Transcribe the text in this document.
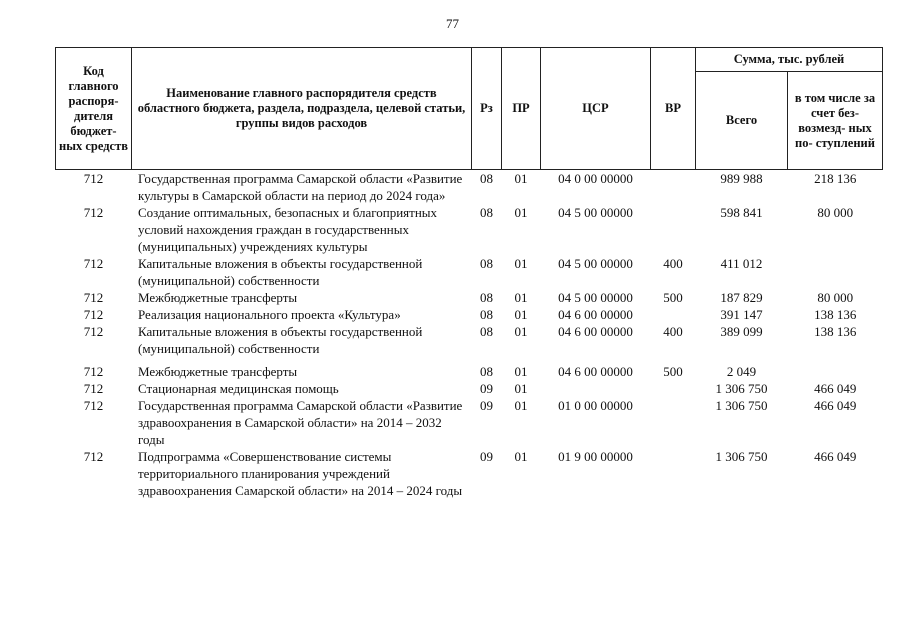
77
Код главного распоря- дителя бюджет- ных средств	Наименование главного распорядителя средств областного бюджета, раздела, подраздела, целевой статьи, группы видов расходов	Рз	ПР	ЦСР	ВР	Сумма, тыс. рублей	
						Всего	в том числе за счет без- возмезд- ных по- ступлений
712	Государственная программа Самарской области «Развитие культуры в Самарской области на период до 2024 года»	08	01	04 0 00 00000		989 988	218 136
712	Создание оптимальных, безопасных и благоприятных условий нахождения граждан в государственных (муниципальных) учреждениях культуры	08	01	04 5 00 00000		598 841	80 000
712	Капитальные вложения в объекты государственной (муниципальной) собственности	08	01	04 5 00 00000	400	411 012	
712	Межбюджетные трансферты	08	01	04 5 00 00000	500	187 829	80 000
712	Реализация национального проекта «Культура»	08	01	04 6 00 00000		391 147	138 136
712	Капитальные вложения в объекты государственной (муниципальной) собственности	08	01	04 6 00 00000	400	389 099	138 136
712	Межбюджетные трансферты	08	01	04 6 00 00000	500	2 049	
712	Стационарная медицинская помощь	09	01			1 306 750	466 049
712	Государственная программа Самарской области «Развитие здравоохранения в Самарской области» на 2014 – 2032 годы	09	01	01 0 00 00000		1 306 750	466 049
712	Подпрограмма «Совершенствование системы территориального планирования учреждений здравоохранения Самарской области» на 2014 – 2024 годы	09	01	01 9 00 00000		1 306 750	466 049
